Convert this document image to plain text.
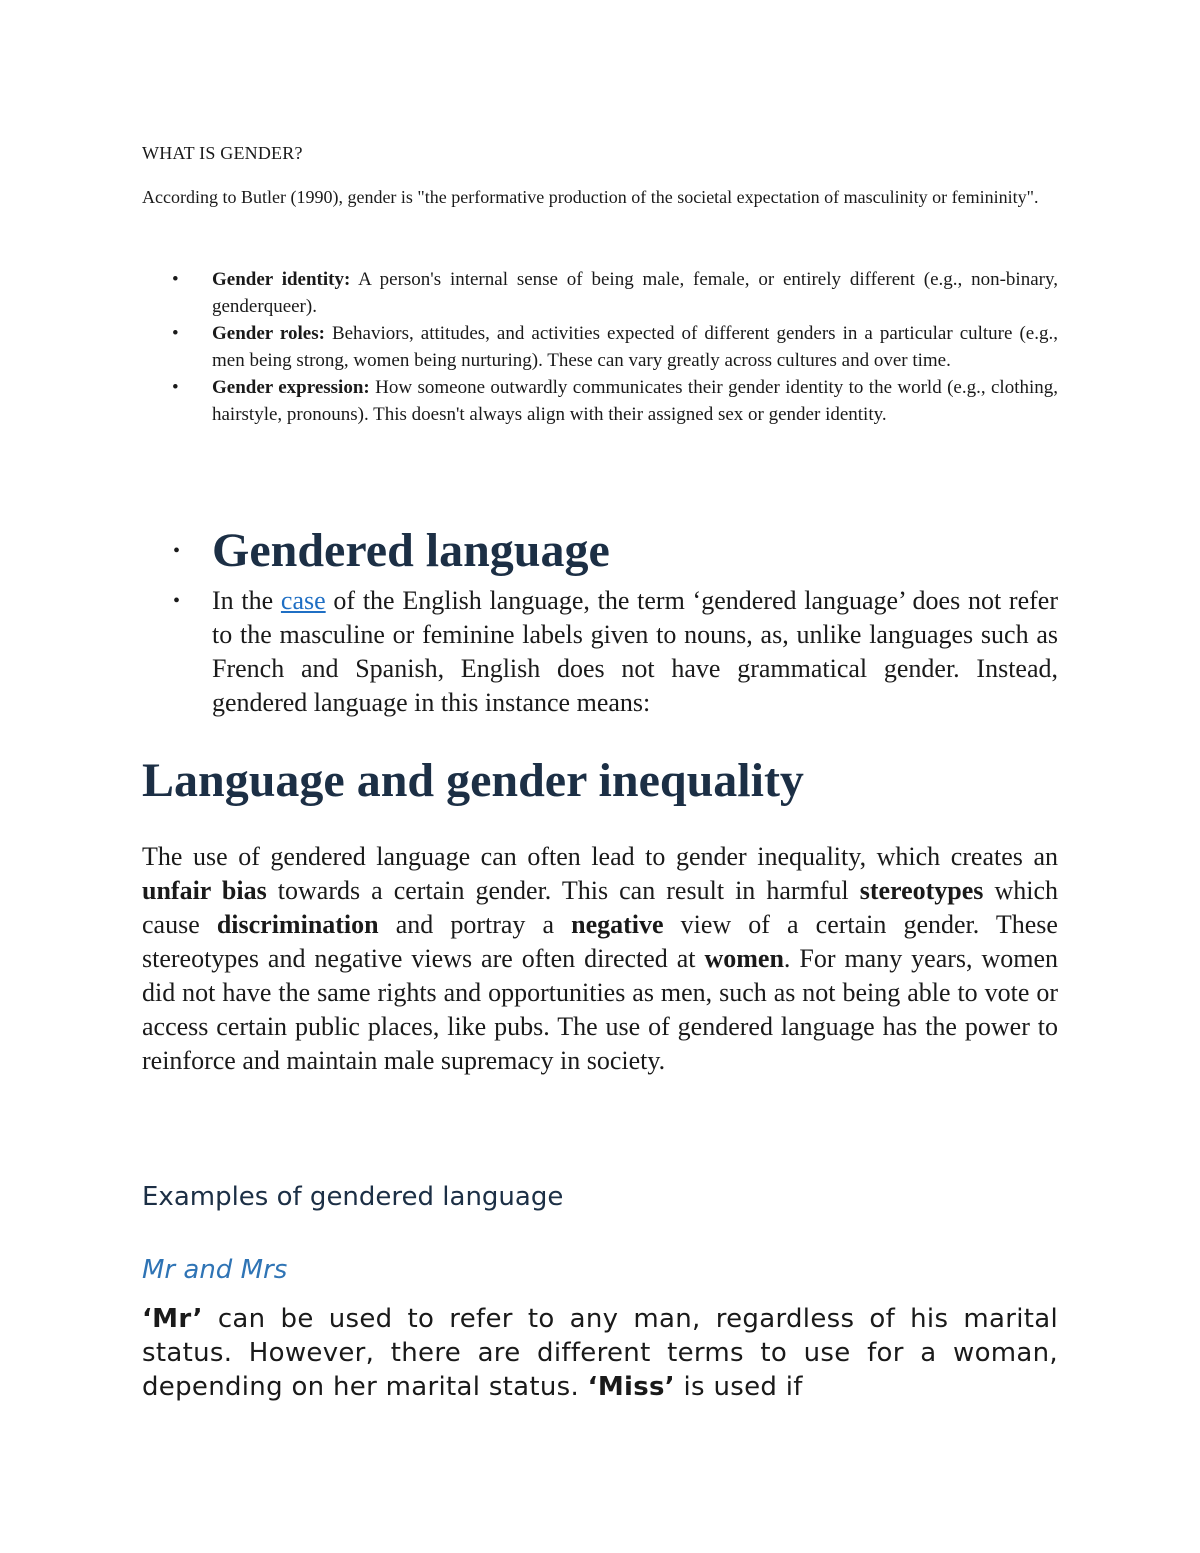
WHAT IS GENDER?

According to Butler (1990), gender is "the performative production of the societal expectation of masculinity or femininity".

• Gender identity: A person's internal sense of being male, female, or entirely different (e.g., non-binary, genderqueer).
• Gender roles: Behaviors, attitudes, and activities expected of different genders in a particular culture (e.g., men being strong, women being nurturing). These can vary greatly across cultures and over time.
• Gender expression: How someone outwardly communicates their gender identity to the world (e.g., clothing, hairstyle, pronouns). This doesn't always align with their assigned sex or gender identity.
• Gendered language
• In the case of the English language, the term ‘gendered language’ does not refer to the masculine or feminine labels given to nouns, as, unlike languages such as French and Spanish, English does not have grammatical gender. Instead, gendered language in this instance means:
Language and gender inequality

The use of gendered language can often lead to gender inequality, which creates an unfair bias towards a certain gender. This can result in harmful stereotypes which cause discrimination and portray a negative view of a certain gender. These stereotypes and negative views are often directed at women. For many years, women did not have the same rights and opportunities as men, such as not being able to vote or access certain public places, like pubs. The use of gendered language has the power to reinforce and maintain male supremacy in society.

Examples of gendered language
Mr and Mrs

‘Mr’ can be used to refer to any man, regardless of his marital status. However, there are different terms to use for a woman, depending on her marital status. ‘Miss’ is used if
